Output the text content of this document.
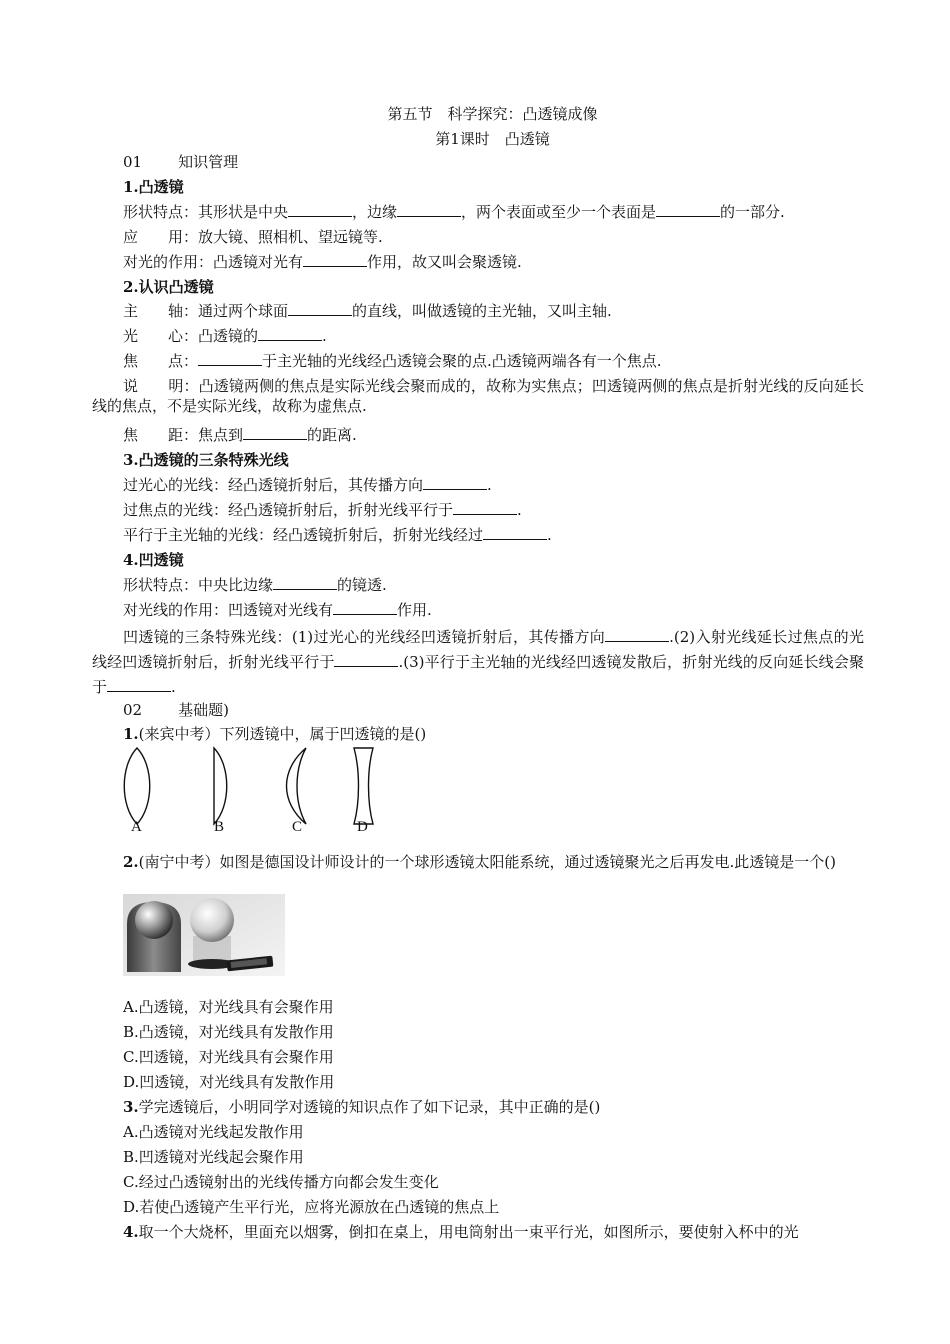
第五节　科学探究：凸透镜成像
第1课时　凸透镜
01 知识管理
1.凸透镜
形状特点：其形状是中央	，边缘	，两个表面或至少一个表面是	的一部分.
应　　用：放大镜、照相机、望远镜等.
对光的作用：凸透镜对光有	作用，故又叫会聚透镜.
2.认识凸透镜
主　　轴：通过两个球面	的直线，叫做透镜的主光轴，又叫主轴.
光　　心：凸透镜的	.
焦　　点：	于主光轴的光线经凸透镜会聚的点.凸透镜两端各有一个焦点.
说　　明：凸透镜两侧的焦点是实际光线会聚而成的，故称为实焦点；凹透镜两侧的焦点是折射光线的反向延长线的焦点，不是实际光线，故称为虚焦点.
焦　　距：焦点到	的距离.
3.凸透镜的三条特殊光线
过光心的光线：经凸透镜折射后，其传播方向	.
过焦点的光线：经凸透镜折射后，折射光线平行于	.
平行于主光轴的光线：经凸透镜折射后，折射光线经过	.
4.凹透镜
形状特点：中央比边缘	的镜透.
对光线的作用：凹透镜对光线有	作用.
凹透镜的三条特殊光线：(1)过光心的光线经凹透镜折射后，其传播方向	.(2)入射光线延长过焦点的光线经凹透镜折射后，折射光线平行于	.(3)平行于主光轴的光线经凹透镜发散后，折射光线的反向延长线会聚于	.
02 基础题)
1.(来宾中考）下列透镜中，属于凹透镜的是()
A	B	C	D
2.(南宁中考）如图是德国设计师设计的一个球形透镜太阳能系统，通过透镜聚光之后再发电.此透镜是一个()
A.凸透镜，对光线具有会聚作用
B.凸透镜，对光线具有发散作用
C.凹透镜，对光线具有会聚作用
D.凹透镜，对光线具有发散作用
3.学完透镜后，小明同学对透镜的知识点作了如下记录，其中正确的是()
A.凸透镜对光线起发散作用
B.凹透镜对光线起会聚作用
C.经过凸透镜射出的光线传播方向都会发生变化
D.若使凸透镜产生平行光，应将光源放在凸透镜的焦点上
4.取一个大烧杯，里面充以烟雾，倒扣在桌上，用电筒射出一束平行光，如图所示，要使射入杯中的光
